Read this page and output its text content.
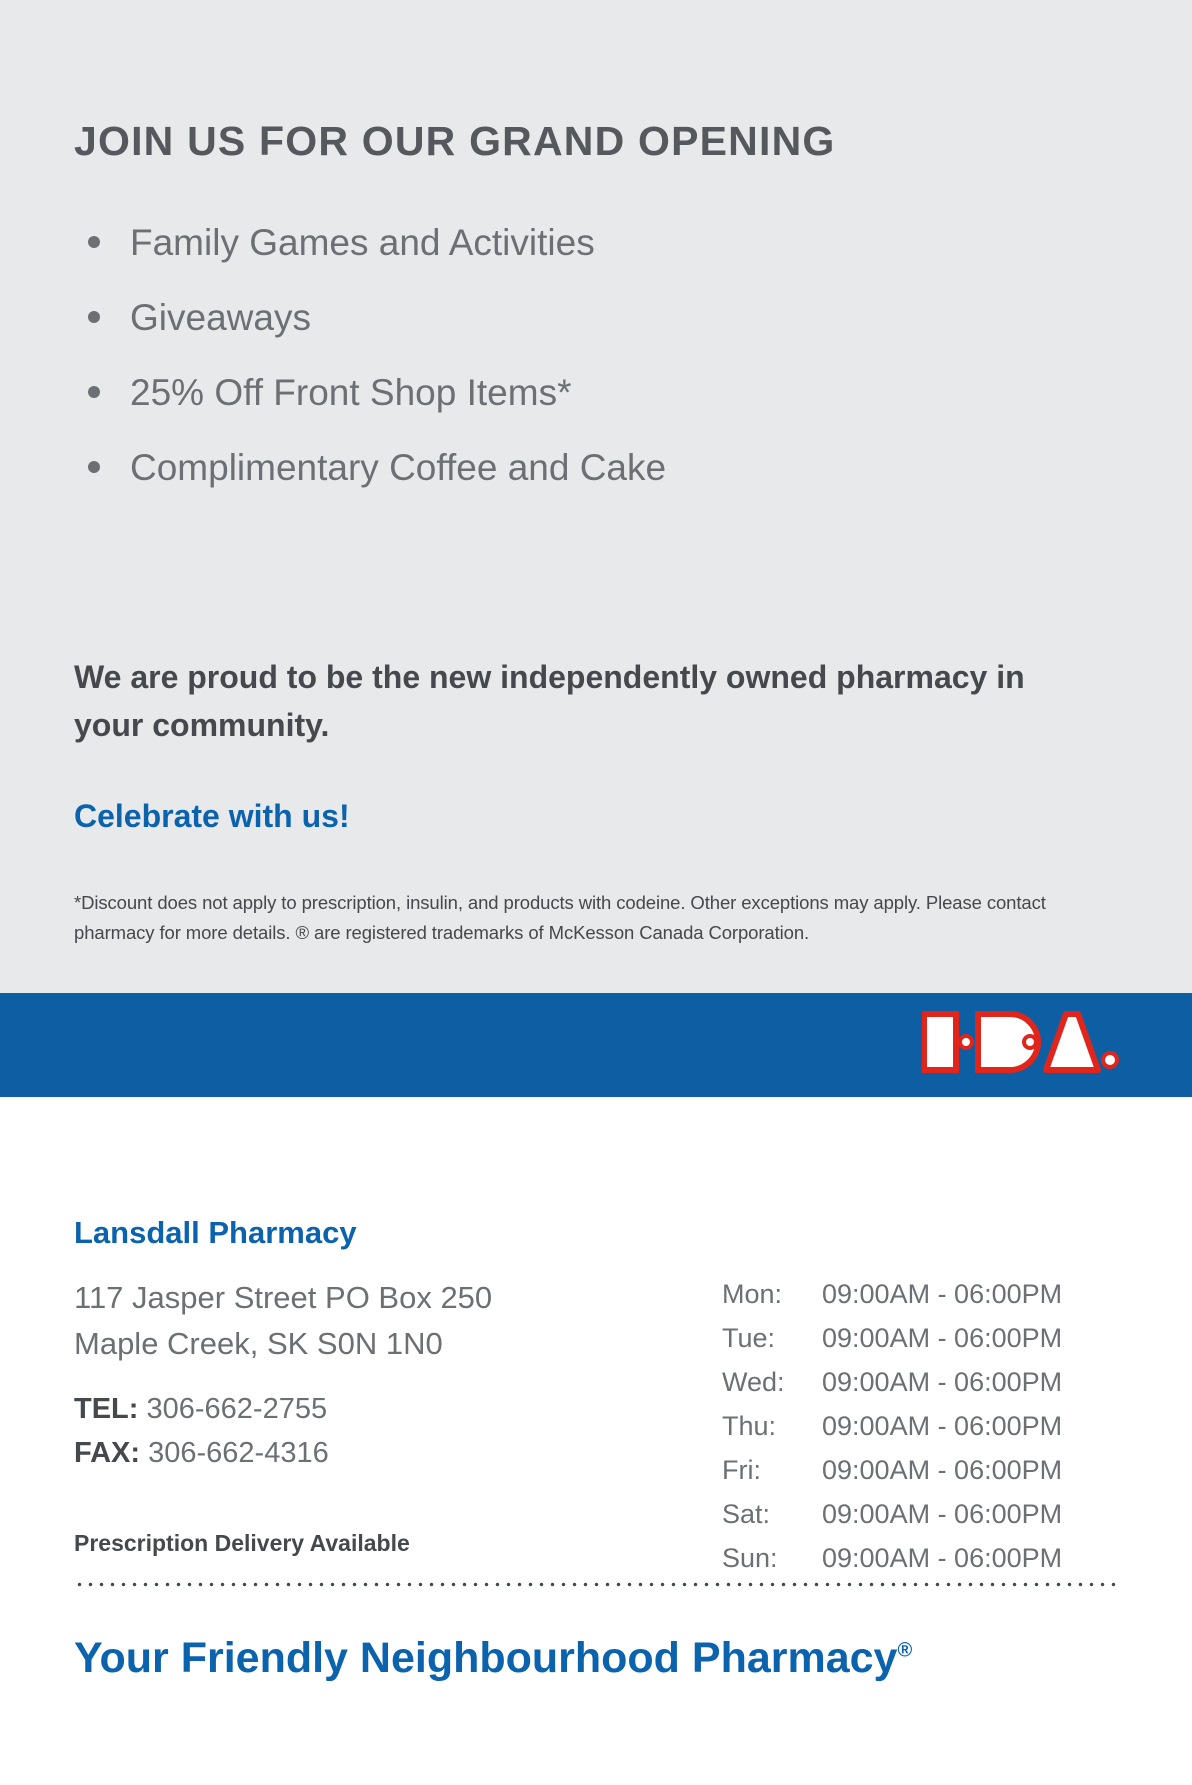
JOIN US FOR OUR GRAND OPENING
Family Games and Activities
Giveaways
25% Off Front Shop Items*
Complimentary Coffee and Cake
We are proud to be the new independently owned pharmacy in your community.
Celebrate with us!
*Discount does not apply to prescription, insulin, and products with codeine. Other exceptions may apply. Please contact pharmacy for more details. ® are registered trademarks of McKesson Canada Corporation.
Lansdall Pharmacy
117 Jasper Street PO Box 250
Maple Creek, SK S0N 1N0
TEL: 306-662-2755
FAX: 306-662-4316
Prescription Delivery Available
Mon:	09:00AM - 06:00PM
Tue:	09:00AM - 06:00PM
Wed:	09:00AM - 06:00PM
Thu:	09:00AM - 06:00PM
Fri:	09:00AM - 06:00PM
Sat:	09:00AM - 06:00PM
Sun:	09:00AM - 06:00PM
Your Friendly Neighbourhood Pharmacy®
